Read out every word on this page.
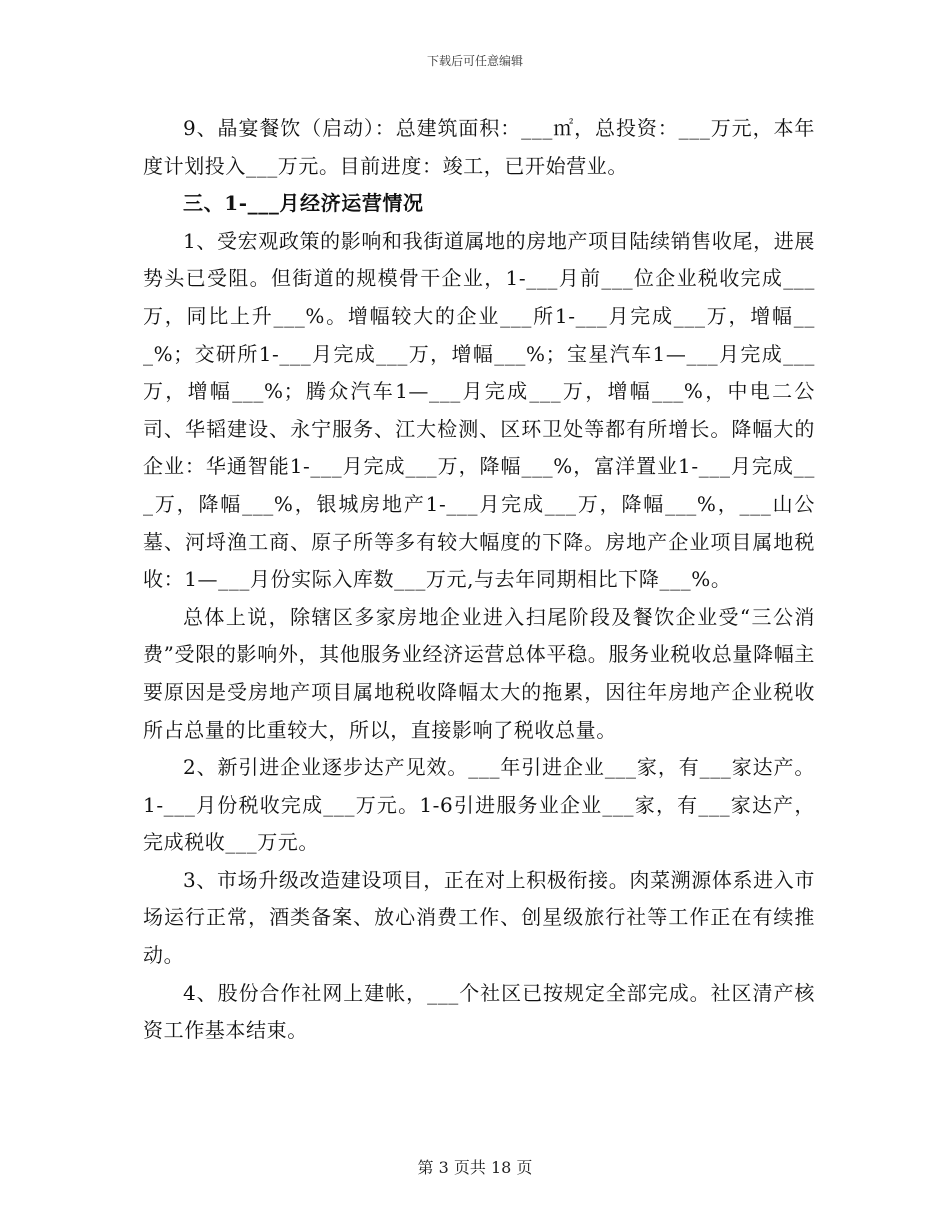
下载后可任意编辑

9、晶宴餐饮（启动）：总建筑面积：___㎡，总投资：___万元，本年度计划投入___万元。目前进度：竣工，已开始营业。

三、1-___月经济运营情况

1、受宏观政策的影响和我街道属地的房地产项目陆续销售收尾，进展势头已受阻。但街道的规模骨干企业，1-___月前___位企业税收完成___万，同比上升___%。增幅较大的企业___所1-___月完成___万，增幅___%；交研所1-___月完成___万，增幅___%；宝星汽车1—___月完成___万，增幅___%；腾众汽车1—___月完成___万，增幅___%，中电二公司、华韬建设、永宁服务、江大检测、区环卫处等都有所增长。降幅大的企业：华通智能1-___月完成___万，降幅___%，富洋置业1-___月完成___万，降幅___%，银城房地产1-___月完成___万，降幅___%，___山公墓、河埒渔工商、原子所等多有较大幅度的下降。房地产企业项目属地税收：1—___月份实际入库数___万元,与去年同期相比下降___%。

总体上说，除辖区多家房地企业进入扫尾阶段及餐饮企业受“三公消费”受限的影响外，其他服务业经济运营总体平稳。服务业税收总量降幅主要原因是受房地产项目属地税收降幅太大的拖累，因往年房地产企业税收所占总量的比重较大，所以，直接影响了税收总量。

2、新引进企业逐步达产见效。___年引进企业___家，有___家达产。1-___月份税收完成___万元。1-6引进服务业企业___家，有___家达产，完成税收___万元。

3、市场升级改造建设项目，正在对上积极衔接。肉菜溯源体系进入市场运行正常，酒类备案、放心消费工作、创星级旅行社等工作正在有续推动。

4、股份合作社网上建帐，___个社区已按规定全部完成。社区清产核资工作基本结束。

第 3 页共 18 页
